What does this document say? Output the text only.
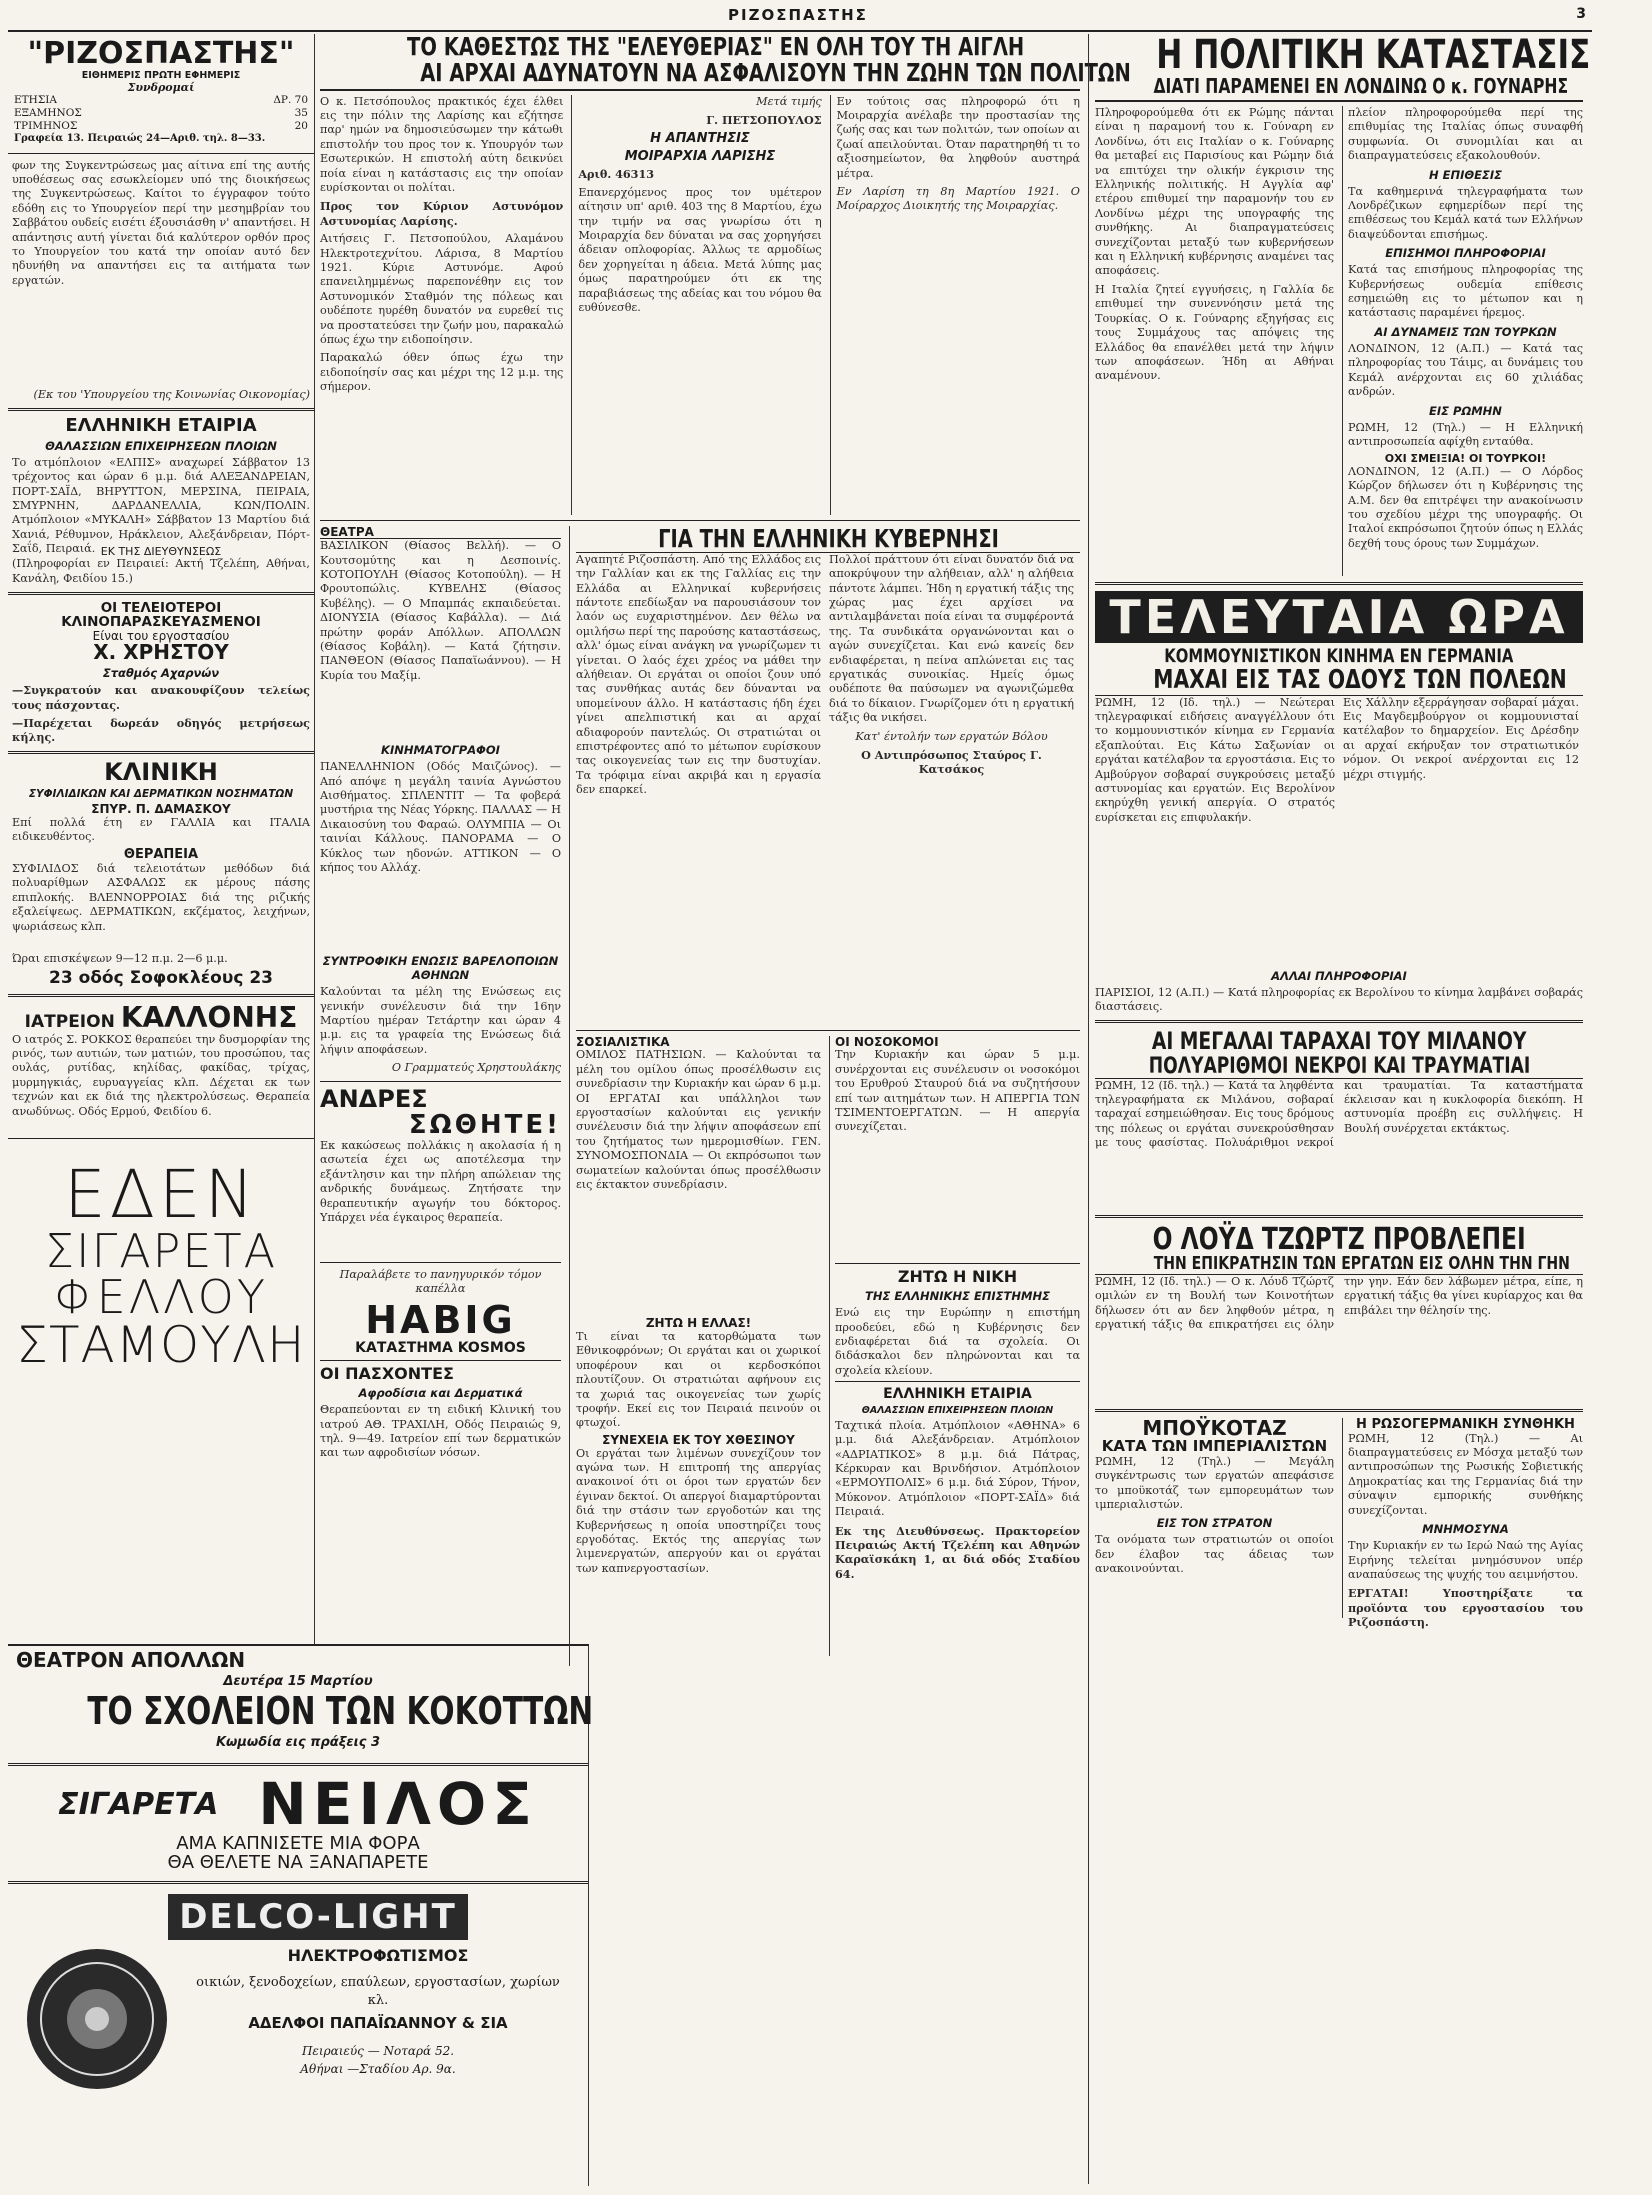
ΡΙΖΟΣΠΑΣΤΗΣ	3
"ΡΙΖΟΣΠΑΣΤΗΣ"
ΕΙΘΗΜΕΡΙΣ ΠΡΩΤΗ ΕΦΗΜΕΡΙΣ
Συνδρομαί
ΕΤΗΣΙΑ	ΔΡ. 70
ΕΞΑΜΗΝΟΣ	35
ΤΡΙΜΗΝΟΣ	20
Γραφεία 13. Πειραιώς 24—Αριθ. τηλ. 8—33.

φων της Συγκεντρώσεως μας αίτινα επί της αυτής υποθέσεως σας εσωκλείομεν υπό της διοικήσεως της Συγκεντρώσεως. Καίτοι το έγγραφον τούτο εδόθη εις το Υπουργείον περί την μεσημβρίαν του Σαββάτου ουδείς εισέτι έξουσιάσθη ν' απαντήσει. Η απάντησις αυτή γίνεται διά καλύτερον ορθόν προς το Υπουργείον του κατά την οποίαν αυτό δεν ηδυνήθη να απαντήσει εις τα αιτήματα των εργατών.

(Εκ του 'Υπουργείου της Κοινωνίας Οικονομίας)

ΕΛΛΗΝΙΚΗ ΕΤΑΙΡΙΑ
ΘΑΛΑΣΣΙΩΝ ΕΠΙΧΕΙΡΗΣΕΩΝ ΠΛΟΙΩΝ

Το ατμόπλοιον «ΕΛΠΙΣ» αναχωρεί Σάββατον 13 τρέχοντος και ώραν 6 μ.μ. διά ΑΛΕΞΑΝΔΡΕΙΑΝ, ΠΟΡΤ-ΣΑΪΔ, ΒΗΡΥΤΤΟΝ, ΜΕΡΣΙΝΑ, ΠΕΙΡΑΙΑ, ΣΜΥΡΝΗΝ, ΔΑΡΔΑΝΕΛΛΙΑ, ΚΩΝ/ΠΟΛΙΝ. Ατμόπλοιον «ΜΥΚΑΛΗ» Σάββατον 13 Μαρτίου διά Χανιά, Ρέθυμνον, Ηράκλειον, Αλεξάνδρειαν, Πόρτ-Σαΐδ, Πειραιά. ΕΚ ΤΗΣ ΔΙΕΥΘΥΝΣΕΩΣ

(Πληροφορίαι εν Πειραιεί: Ακτή Τζελέπη, Αθήναι, Κανάλη, Φειδίου 15.)

ΟΙ ΤΕΛΕΙΟΤΕΡΟΙ ΚΛΙΝΟΠΑΡΑΣΚΕΥΑΣΜΕΝΟΙ
Είναι του εργοστασίου
Χ. ΧΡΗΣΤΟΥ
Σταθμός Αχαρνών

—Συγκρατούν και ανακουφίζουν τελείως τους πάσχοντας.

—Παρέχεται δωρεάν οδηγός μετρήσεως κήλης.

ΚΛΙΝΙΚΗ
ΣΥΦΙΛΙΔΙΚΩΝ ΚΑΙ ΔΕΡΜΑΤΙΚΩΝ ΝΟΣΗΜΑΤΩΝ
ΣΠΥΡ. Π. ΔΑΜΑΣΚΟΥ

Επί πολλά έτη εν ΓΑΛΛΙΑ και ΙΤΑΛΙΑ ειδικευθέντος.

ΘΕΡΑΠΕΙΑ

ΣΥΦΙΛΙΔΟΣ διά τελειοτάτων μεθόδων διά πολυαρίθμων ΑΣΦΑΛΩΣ εκ μέρους πάσης επιπλοκής. ΒΛΕΝΝΟΡΡΟΙΑΣ διά της ριζικής εξαλείψεως. ΔΕΡΜΑΤΙΚΩΝ, εκζέματος, λειχήνων, ψωριάσεως κλπ.

Ώραι επισκέψεων 9—12 π.μ. 2—6 μ.μ.

23 οδός Σοφοκλέους 23
ΙΑΤΡΕΙΟΝ ΚΑΛΛΟΝΗΣ

Ο ιατρός Σ. ΡΟΚΚΟΣ θεραπεύει την δυσμορφίαν της ρινός, των αυτιών, των ματιών, του προσώπου, τας ουλάς, ρυτίδας, κηλίδας, φακίδας, τρίχας, μυρμηγκιάς, ευρυαγγείας κλπ. Δέχεται εκ των τεχνών και εκ διά της ηλεκτρολύσεως. Θεραπεία ανωδύνως. Οδός Ερμού, Φειδίου 6.

ΕΔΕΝ
ΣΙΓΑΡΕΤΑ
ΦΕΛΛΟΥ
ΣΤΑΜΟΥΛΗ
ΘΕΑΤΡΟΝ ΑΠΟΛΛΩΝ
Δευτέρα 15 Μαρτίου
ΤΟ ΣΧΟΛΕΙΟΝ ΤΩΝ ΚΟΚΟΤΤΩΝ
Κωμωδία εις πράξεις 3
ΣΙΓΑΡΕΤΑ ΝΕΙΛΟΣ
ΑΜΑ ΚΑΠΝΙΣΕΤΕ ΜΙΑ ΦΟΡΑ
ΘΑ ΘΕΛΕΤΕ ΝΑ ΞΑΝΑΠΑΡΕΤΕ
DELCO-LIGHT
ΗΛΕΚΤΡΟΦΩΤΙΣΜΟΣ
οικιών, ξενοδοχείων, επαύλεων, εργοστασίων, χωρίων κλ.
ΑΔΕΛΦΟΙ ΠΑΠΑΪΩΑΝΝΟΥ & ΣΙΑ
Πειραιεύς — Νοταρά 52.
Αθήναι —Σταδίου Αρ. 9α.
ΤΟ ΚΑΘΕΣΤΩΣ ΤΗΣ "ΕΛΕΥΘΕΡΙΑΣ" ΕΝ ΟΛΗ ΤΟΥ ΤΗ ΑΙΓΛΗ
ΑΙ ΑΡΧΑΙ ΑΔΥΝΑΤΟΥΝ ΝΑ ΑΣΦΑΛΙΣΟΥΝ ΤΗΝ ΖΩΗΝ ΤΩΝ ΠΟΛΙΤΩΝ

Ο κ. Πετσόπουλος πρακτικός έχει έλθει εις την πόλιν της Λαρίσης και εζήτησε παρ' ημών να δημοσιεύσωμεν την κάτωθι επιστολήν του προς τον κ. Υπουργόν των Εσωτερικών. Η επιστολή αύτη δεικνύει ποία είναι η κατάστασις εις την οποίαν ευρίσκονται οι πολίται.

Προς τον Κύριον Αστυνόμον Αστυνομίας Λαρίσης.

Αιτήσεις Γ. Πετσοπούλου, Αλαμάνου Ηλεκτροτεχνίτου. Λάρισα, 8 Μαρτίου 1921. Κύριε Αστυνόμε. Αφού επανειλημμένως παρεπονέθην εις τον Αστυνομικόν Σταθμόν της πόλεως και ουδέποτε ηυρέθη δυνατόν να ευρεθεί τις να προστατεύσει την ζωήν μου, παρακαλώ όπως έχω την ειδοποίησιν.

Παρακαλώ όθεν όπως έχω την ειδοποίησίν σας και μέχρι της 12 μ.μ. της σήμερον.

Μετά τιμής

Γ. ΠΕΤΣΟΠΟΥΛΟΣ

Η ΑΠΑΝΤΗΣΙΣ
ΜΟΙΡΑΡΧΙΑ ΛΑΡΙΣΗΣ

Αριθ. 46313

Επανερχόμενος προς τον υμέτερον αίτησιν υπ' αριθ. 403 της 8 Μαρτίου, έχω την τιμήν να σας γνωρίσω ότι η Μοιραρχία δεν δύναται να σας χορηγήσει άδειαν οπλοφορίας. Άλλως τε αρμοδίως δεν χορηγείται η άδεια. Μετά λύπης μας όμως παρατηρούμεν ότι εκ της παραβιάσεως της αδείας και του νόμου θα ευθύνεσθε.

Εν τούτοις σας πληροφορώ ότι η Μοιραρχία ανέλαβε την προστασίαν της ζωής σας και των πολιτών, των οποίων αι ζωαί απειλούνται. Όταν παρατηρηθή τι το αξιοσημείωτον, θα ληφθούν αυστηρά μέτρα.

Εν Λαρίση τη 8η Μαρτίου 1921. Ο Μοίραρχος Διοικητής της Μοιραρχίας.

ΘΕΑΤΡΑ

ΒΑΣΙΛΙΚΟΝ (Θίασος Βελλή). — Ο Κουτσομύτης και η Δεσποινίς. ΚΟΤΟΠΟΥΛΗ (Θίασος Κοτοπούλη). — Η Φρουτοπώλις. ΚΥΒΕΛΗΣ (Θίασος Κυβέλης). — Ο Μπαμπάς εκπαιδεύεται. ΔΙΟΝΥΣΙΑ (Θίασος Καβάλλα). — Διά πρώτην φοράν Απόλλων. ΑΠΟΛΛΩΝ (Θίασος Κοβάλη). — Κατά ζήτησιν. ΠΑΝΘΕΟΝ (Θίασος Παπαϊωάννου). — Η Κυρία του Μαξίμ.

ΚΙΝΗΜΑΤΟΓΡΑΦΟΙ

ΠΑΝΕΛΛΗΝΙΟΝ (Οδός Μαιζώνος). — Από απόψε η μεγάλη ταινία Αγνώστου Αισθήματος. ΣΠΛΕΝΤΙΤ — Τα φοβερά μυστήρια της Νέας Υόρκης. ΠΑΛΛΑΣ — Η Δικαιοσύνη του Φαραώ. ΟΛΥΜΠΙΑ — Οι ταινίαι Κάλλους. ΠΑΝΟΡΑΜΑ — Ο Κύκλος των ηδονών. ΑΤΤΙΚΟΝ — Ο κήπος του Αλλάχ.

ΣΥΝΤΡΟΦΙΚΗ ΕΝΩΣΙΣ ΒΑΡΕΛΟΠΟΙΩΝ ΑΘΗΝΩΝ

Καλούνται τα μέλη της Ενώσεως εις γενικήν συνέλευσιν διά την 16ην Μαρτίου ημέραν Τετάρτην και ώραν 4 μ.μ. εις τα γραφεία της Ενώσεως διά λήψιν αποφάσεων.

Ο Γραμματεύς Χρηστουλάκης

ΑΝΔΡΕΣ
ΣΩΘΗΤΕ!

Εκ κακώσεως πολλάκις η ακολασία ή η ασωτεία έχει ως αποτέλεσμα την εξάντλησιν και την πλήρη απώλειαν της ανδρικής δυνάμεως. Ζητήσατε την θεραπευτικήν αγωγήν του δόκτορος. Υπάρχει νέα έγκαιρος θεραπεία.

Παραλάβετε το πανηγυρικόν τόμον καπέλλα

HABIG
ΚΑΤΑΣΤΗΜΑ KOSMOS
ΟΙ ΠΑΣΧΟΝΤΕΣ
Αφροδίσια και Δερματικά

Θεραπεύονται εν τη ειδική Κλινική του ιατρού ΑΘ. ΤΡΑΧΙΛΗ, Οδός Πειραιώς 9, τηλ. 9—49. Ιατρείον επί των δερματικών και των αφροδισίων νόσων.

ΓΙΑ ΤΗΝ ΕΛΛΗΝΙΚΗ ΚΥΒΕΡΝΗΣΙ

Αγαπητέ Ριζοσπάστη. Από της Ελλάδος εις την Γαλλίαν και εκ της Γαλλίας εις την Ελλάδα αι Ελληνικαί κυβερνήσεις πάντοτε επεδίωξαν να παρουσιάσουν τον λαόν ως ευχαριστημένον. Δεν θέλω να ομιλήσω περί της παρούσης καταστάσεως, αλλ' όμως είναι ανάγκη να γνωρίζωμεν τι γίνεται. Ο λαός έχει χρέος να μάθει την αλήθειαν. Οι εργάται οι οποίοι ζουν υπό τας συνθήκας αυτάς δεν δύνανται να υπομείνουν άλλο. Η κατάστασις ήδη έχει γίνει απελπιστική και αι αρχαί αδιαφορούν παντελώς. Οι στρατιώται οι επιστρέφοντες από το μέτωπον ευρίσκουν τας οικογενείας των εις την δυστυχίαν. Τα τρόφιμα είναι ακριβά και η εργασία δεν επαρκεί.

Πολλοί πράττουν ότι είναι δυνατόν διά να αποκρύψουν την αλήθειαν, αλλ' η αλήθεια πάντοτε λάμπει. Ήδη η εργατική τάξις της χώρας μας έχει αρχίσει να αντιλαμβάνεται ποία είναι τα συμφέροντά της. Τα συνδικάτα οργανώνονται και ο αγών συνεχίζεται. Και ενώ κανείς δεν ενδιαφέρεται, η πείνα απλώνεται εις τας εργατικάς συνοικίας. Ημείς όμως ουδέποτε θα παύσωμεν να αγωνιζώμεθα διά το δίκαιον. Γνωρίζομεν ότι η εργατική τάξις θα νικήσει.

Κατ' έντολήν των εργατών Βόλου

Ο Αντιπρόσωπος Σταύρος Γ. Κατσάκος

ΣΟΣΙΑΛΙΣΤΙΚΑ

ΟΜΙΛΟΣ ΠΑΤΗΣΙΩΝ. — Καλούνται τα μέλη του ομίλου όπως προσέλθωσιν εις συνεδρίασιν την Κυριακήν και ώραν 6 μ.μ. ΟΙ ΕΡΓΑΤΑΙ και υπάλληλοι των εργοστασίων καλούνται εις γενικήν συνέλευσιν διά την λήψιν αποφάσεων επί του ζητήματος των ημερομισθίων. ΓΕΝ. ΣΥΝΟΜΟΣΠΟΝΔΙΑ — Οι εκπρόσωποι των σωματείων καλούνται όπως προσέλθωσιν εις έκτακτον συνεδρίασιν.

ΖΗΤΩ Η ΕΛΛΑΣ!

Τι είναι τα κατορθώματα των Εθνικοφρόνων; Οι εργάται και οι χωρικοί υποφέρουν και οι κερδοσκόποι πλουτίζουν. Οι στρατιώται αφήνουν εις τα χωριά τας οικογενείας των χωρίς τροφήν. Εκεί εις τον Πειραιά πεινούν οι φτωχοί.

ΣΥΝΕΧΕΙΑ ΕΚ ΤΟΥ ΧΘΕΣΙΝΟΥ

Οι εργάται των λιμένων συνεχίζουν τον αγώνα των. Η επιτροπή της απεργίας ανακοινοί ότι οι όροι των εργατών δεν έγιναν δεκτοί. Οι απεργοί διαμαρτύρονται διά την στάσιν των εργοδοτών και της Κυβερνήσεως η οποία υποστηρίζει τους εργοδότας. Εκτός της απεργίας των λιμενεργατών, απεργούν και οι εργάται των καπνεργοστασίων.

ΟΙ ΝΟΣΟΚΟΜΟΙ

Την Κυριακήν και ώραν 5 μ.μ. συνέρχονται εις συνέλευσιν οι νοσοκόμοι του Ερυθρού Σταυρού διά να συζητήσουν επί των αιτημάτων των. Η ΑΠΕΡΓΙΑ ΤΩΝ ΤΣΙΜΕΝΤΟΕΡΓΑΤΩΝ. — Η απεργία συνεχίζεται.

ΖΗΤΩ Η ΝΙΚΗ
ΤΗΣ ΕΛΛΗΝΙΚΗΣ ΕΠΙΣΤΗΜΗΣ

Ενώ εις την Ευρώπην η επιστήμη προοδεύει, εδώ η Κυβέρνησις δεν ενδιαφέρεται διά τα σχολεία. Οι διδάσκαλοι δεν πληρώνονται και τα σχολεία κλείουν.

ΕΛΛΗΝΙΚΗ ΕΤΑΙΡΙΑ
ΘΑΛΑΣΣΙΩΝ ΕΠΙΧΕΙΡΗΣΕΩΝ ΠΛΟΙΩΝ

Ταχτικά πλοία. Ατμόπλοιον «ΑΘΗΝΑ» 6 μ.μ. διά Αλεξάνδρειαν. Ατμόπλοιον «ΑΔΡΙΑΤΙΚΟΣ» 8 μ.μ. διά Πάτρας, Κέρκυραν και Βρινδήσιον. Ατμόπλοιον «ΕΡΜΟΥΠΟΛΙΣ» 6 μ.μ. διά Σύρον, Τήνον, Μύκονον. Ατμόπλοιον «ΠΟΡΤ-ΣΑΪΔ» διά Πειραιά.

Εκ της Διευθύνσεως. Πρακτορείον Πειραιώς Ακτή Τζελέπη και Αθηνών Καραϊσκάκη 1, αι διά οδός Σταδίου 64.

Η ΠΟΛΙΤΙΚΗ ΚΑΤΑΣΤΑΣΙΣ
ΔΙΑΤΙ ΠΑΡΑΜΕΝΕΙ ΕΝ ΛΟΝΔΙΝΩ Ο κ. ΓΟΥΝΑΡΗΣ

Πληροφορούμεθα ότι εκ Ρώμης πάνται είναι η παραμονή του κ. Γούναρη εν Λονδίνω, ότι εις Ιταλίαν ο κ. Γούναρης θα μεταβεί εις Παρισίους και Ρώμην διά να επιτύχει την ολικήν έγκρισιν της Ελληνικής πολιτικής. Η Αγγλία αφ' ετέρου επιθυμεί την παραμονήν του εν Λονδίνω μέχρι της υπογραφής της συνθήκης. Αι διαπραγματεύσεις συνεχίζονται μεταξύ των κυβερνήσεων και η Ελληνική κυβέρνησις αναμένει τας αποφάσεις.

Η Ιταλία ζητεί εγγυήσεις, η Γαλλία δε επιθυμεί την συνεννόησιν μετά της Τουρκίας. Ο κ. Γούναρης εξηγήσας εις τους Συμμάχους τας απόψεις της Ελλάδος θα επανέλθει μετά την λήψιν των αποφάσεων. Ήδη αι Αθήναι αναμένουν.

πλείον πληροφορούμεθα περί της επιθυμίας της Ιταλίας όπως συναφθή συμφωνία. Οι συνομιλίαι και αι διαπραγματεύσεις εξακολουθούν.

Η ΕΠΙΘΕΣΙΣ

Τα καθημερινά τηλεγραφήματα των Λονδρέζικων εφημερίδων περί της επιθέσεως του Κεμάλ κατά των Ελλήνων διαψεύδονται επισήμως.

ΕΠΙΣΗΜΟΙ ΠΛΗΡΟΦΟΡΙΑΙ

Κατά τας επισήμους πληροφορίας της Κυβερνήσεως ουδεμία επίθεσις εσημειώθη εις το μέτωπον και η κατάστασις παραμένει ήρεμος.

ΑΙ ΔΥΝΑΜΕΙΣ ΤΩΝ ΤΟΥΡΚΩΝ

ΛΟΝΔΙΝΟΝ, 12 (Α.Π.) — Κατά τας πληροφορίας του Τάιμς, αι δυνάμεις του Κεμάλ ανέρχονται εις 60 χιλιάδας ανδρών.

ΕΙΣ ΡΩΜΗΝ

ΡΩΜΗ, 12 (Τηλ.) — Η Ελληνική αντιπροσωπεία αφίχθη ενταύθα.

ΟΧΙ ΣΜΕΙΞΙΑ! ΟΙ ΤΟΥΡΚΟΙ!

ΛΟΝΔΙΝΟΝ, 12 (Α.Π.) — Ο Λόρδος Κώρζον δήλωσεν ότι η Κυβέρνησις της Α.Μ. δεν θα επιτρέψει την ανακοίνωσιν του σχεδίου μέχρι της υπογραφής. Οι Ιταλοί εκπρόσωποι ζητούν όπως η Ελλάς δεχθή τους όρους των Συμμάχων.

ΤΕΛΕΥΤΑΙΑ ΩΡΑ
ΚΟΜΜΟΥΝΙΣΤΙΚΟΝ ΚΙΝΗΜΑ ΕΝ ΓΕΡΜΑΝΙΑ
ΜΑΧΑΙ ΕΙΣ ΤΑΣ ΟΔΟΥΣ ΤΩΝ ΠΟΛΕΩΝ

ΡΩΜΗ, 12 (Ιδ. τηλ.) — Νεώτεραι τηλεγραφικαί ειδήσεις αναγγέλλουν ότι το κομμουνιστικόν κίνημα εν Γερμανία εξαπλούται. Εις Κάτω Σαξωνίαν οι εργάται κατέλαβον τα εργοστάσια. Εις το Αμβούργον σοβαραί συγκρούσεις μεταξύ αστυνομίας και εργατών. Εις Βερολίνον εκηρύχθη γενική απεργία. Ο στρατός ευρίσκεται εις επιφυλακήν.

Εις Χάλλην εξερράγησαν σοβαραί μάχαι. Εις Μαγδεμβούργον οι κομμουνισταί κατέλαβον το δημαρχείον. Εις Δρέσδην αι αρχαί εκήρυξαν τον στρατιωτικόν νόμον. Οι νεκροί ανέρχονται εις 12 μέχρι στιγμής.

ΑΛΛΑΙ ΠΛΗΡΟΦΟΡΙΑΙ

ΠΑΡΙΣΙΟΙ, 12 (Α.Π.) — Κατά πληροφορίας εκ Βερολίνου το κίνημα λαμβάνει σοβαράς διαστάσεις.

ΑΙ ΜΕΓΑΛΑΙ ΤΑΡΑΧΑΙ ΤΟΥ ΜΙΛΑΝΟΥ
ΠΟΛΥΑΡΙΘΜΟΙ ΝΕΚΡΟΙ ΚΑΙ ΤΡΑΥΜΑΤΙΑΙ

ΡΩΜΗ, 12 (Ιδ. τηλ.) — Κατά τα ληφθέντα τηλεγραφήματα εκ Μιλάνου, σοβαραί ταραχαί εσημειώθησαν. Εις τους δρόμους της πόλεως οι εργάται συνεκρούσθησαν με τους φασίστας. Πολυάριθμοι νεκροί και τραυματίαι. Τα καταστήματα έκλεισαν και η κυκλοφορία διεκόπη. Η αστυνομία προέβη εις συλλήψεις. Η Βουλή συνέρχεται εκτάκτως.

Ο ΛΟΫΔ ΤΖΩΡΤΖ ΠΡΟΒΛΕΠΕΙ
ΤΗΝ ΕΠΙΚΡΑΤΗΣΙΝ ΤΩΝ ΕΡΓΑΤΩΝ ΕΙΣ ΟΛΗΝ ΤΗΝ ΓΗΝ

ΡΩΜΗ, 12 (Ιδ. τηλ.) — Ο κ. Λόυδ Τζώρτζ ομιλών εν τη Βουλή των Κοινοτήτων δήλωσεν ότι αν δεν ληφθούν μέτρα, η εργατική τάξις θα επικρατήσει εις όλην την γην. Εάν δεν λάβωμεν μέτρα, είπε, η εργατική τάξις θα γίνει κυρίαρχος και θα επιβάλει την θέλησίν της.

ΜΠΟΫΚΟΤΑΖ
ΚΑΤΑ ΤΩΝ ΙΜΠΕΡΙΑΛΙΣΤΩΝ

ΡΩΜΗ, 12 (Τηλ.) — Μεγάλη συγκέντρωσις των εργατών απεφάσισε το μποϋκοτάζ των εμπορευμάτων των ιμπεριαλιστών.

ΕΙΣ ΤΟΝ ΣΤΡΑΤΟΝ

Τα ονόματα των στρατιωτών οι οποίοι δεν έλαβον τας άδειας των ανακοινούνται.

Η ΡΩΣΟΓΕΡΜΑΝΙΚΗ ΣΥΝΘΗΚΗ

ΡΩΜΗ, 12 (Τηλ.) — Αι διαπραγματεύσεις εν Μόσχα μεταξύ των αντιπροσώπων της Ρωσικής Σοβιετικής Δημοκρατίας και της Γερμανίας διά την σύναψιν εμπορικής συνθήκης συνεχίζονται.

ΜΝΗΜΟΣΥΝΑ

Την Κυριακήν εν τω Ιερώ Ναώ της Αγίας Ειρήνης τελείται μνημόσυνον υπέρ αναπαύσεως της ψυχής του αειμνήστου.

ΕΡΓΑΤΑΙ! Υποστηρίξατε τα προϊόντα του εργοστασίου του Ριζοσπάστη.
